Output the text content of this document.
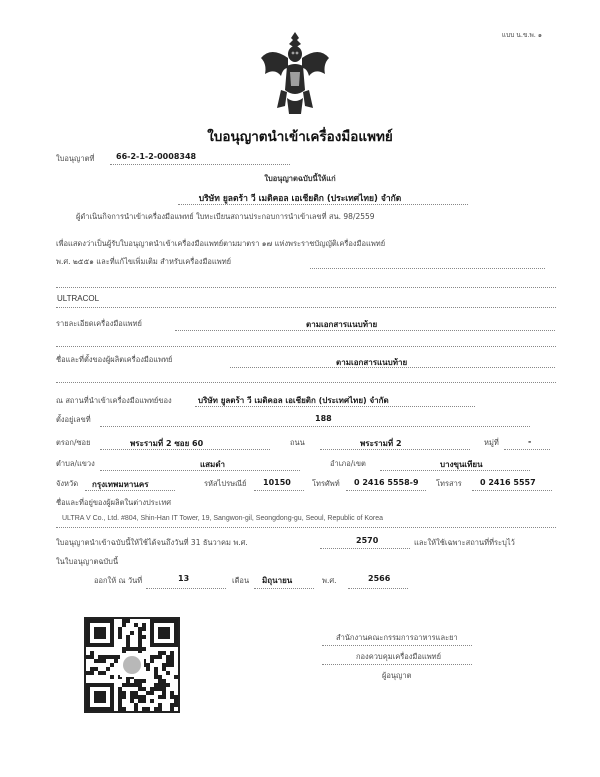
แบบ น.ข.พ. ๑
ใบอนุญาตนำเข้าเครื่องมือแพทย์
ใบอนุญาตที่	66-2-1-2-0008348
ใบอนุญาตฉบับนี้ให้แก่
บริษัท ยูลตร้า วี เมดิคอล เอเชียติก (ประเทศไทย) จำกัด
ผู้ดำเนินกิจการนำเข้าเครื่องมือแพทย์ ใบทะเบียนสถานประกอบการนำเข้าเลขที่ สน. 98/2559
เพื่อแสดงว่าเป็นผู้รับใบอนุญาตนำเข้าเครื่องมือแพทย์ตามมาตรา ๑๗ แห่งพระราชบัญญัติเครื่องมือแพทย์
พ.ศ. ๒๕๕๑ และที่แก้ไขเพิ่มเติม สำหรับเครื่องมือแพทย์
ULTRACOL
รายละเอียดเครื่องมือแพทย์	ตามเอกสารแนบท้าย
ชื่อและที่ตั้งของผู้ผลิตเครื่องมือแพทย์	ตามเอกสารแนบท้าย
ณ สถานที่นำเข้าเครื่องมือแพทย์ของ	บริษัท ยูลตร้า วี เมดิคอล เอเชียติก (ประเทศไทย) จำกัด
ตั้งอยู่เลขที่	188
ตรอก/ซอย	พระรามที่ 2 ซอย 60	ถนน	พระรามที่ 2	หมู่ที่	-
ตำบล/แขวง	แสมดำ	อำเภอ/เขต	บางขุนเทียน
จังหวัด กรุงเทพมหานคร	รหัสไปรษณีย์ 10150	โทรศัพท์ 0 2416 5558-9 โทรสาร 0 2416 5557
ชื่อและที่อยู่ของผู้ผลิตในต่างประเทศ
ULTRA V Co., Ltd. #804, Shin-Han IT Tower, 19, Sangwon-gil, Seongdong-gu, Seoul, Republic of Korea
ใบอนุญาตนำเข้าฉบับนี้ให้ใช้ได้จนถึงวันที่ 31 ธันวาคม พ.ศ.	2570	และให้ใช้เฉพาะสถานที่ที่ระบุไว้
ในใบอนุญาตฉบับนี้
ออกให้ ณ วันที่	13	เดือน มิถุนายน	พ.ศ.	2566
สำนักงานคณะกรรมการอาหารและยา
กองควบคุมเครื่องมือแพทย์
ผู้อนุญาต
